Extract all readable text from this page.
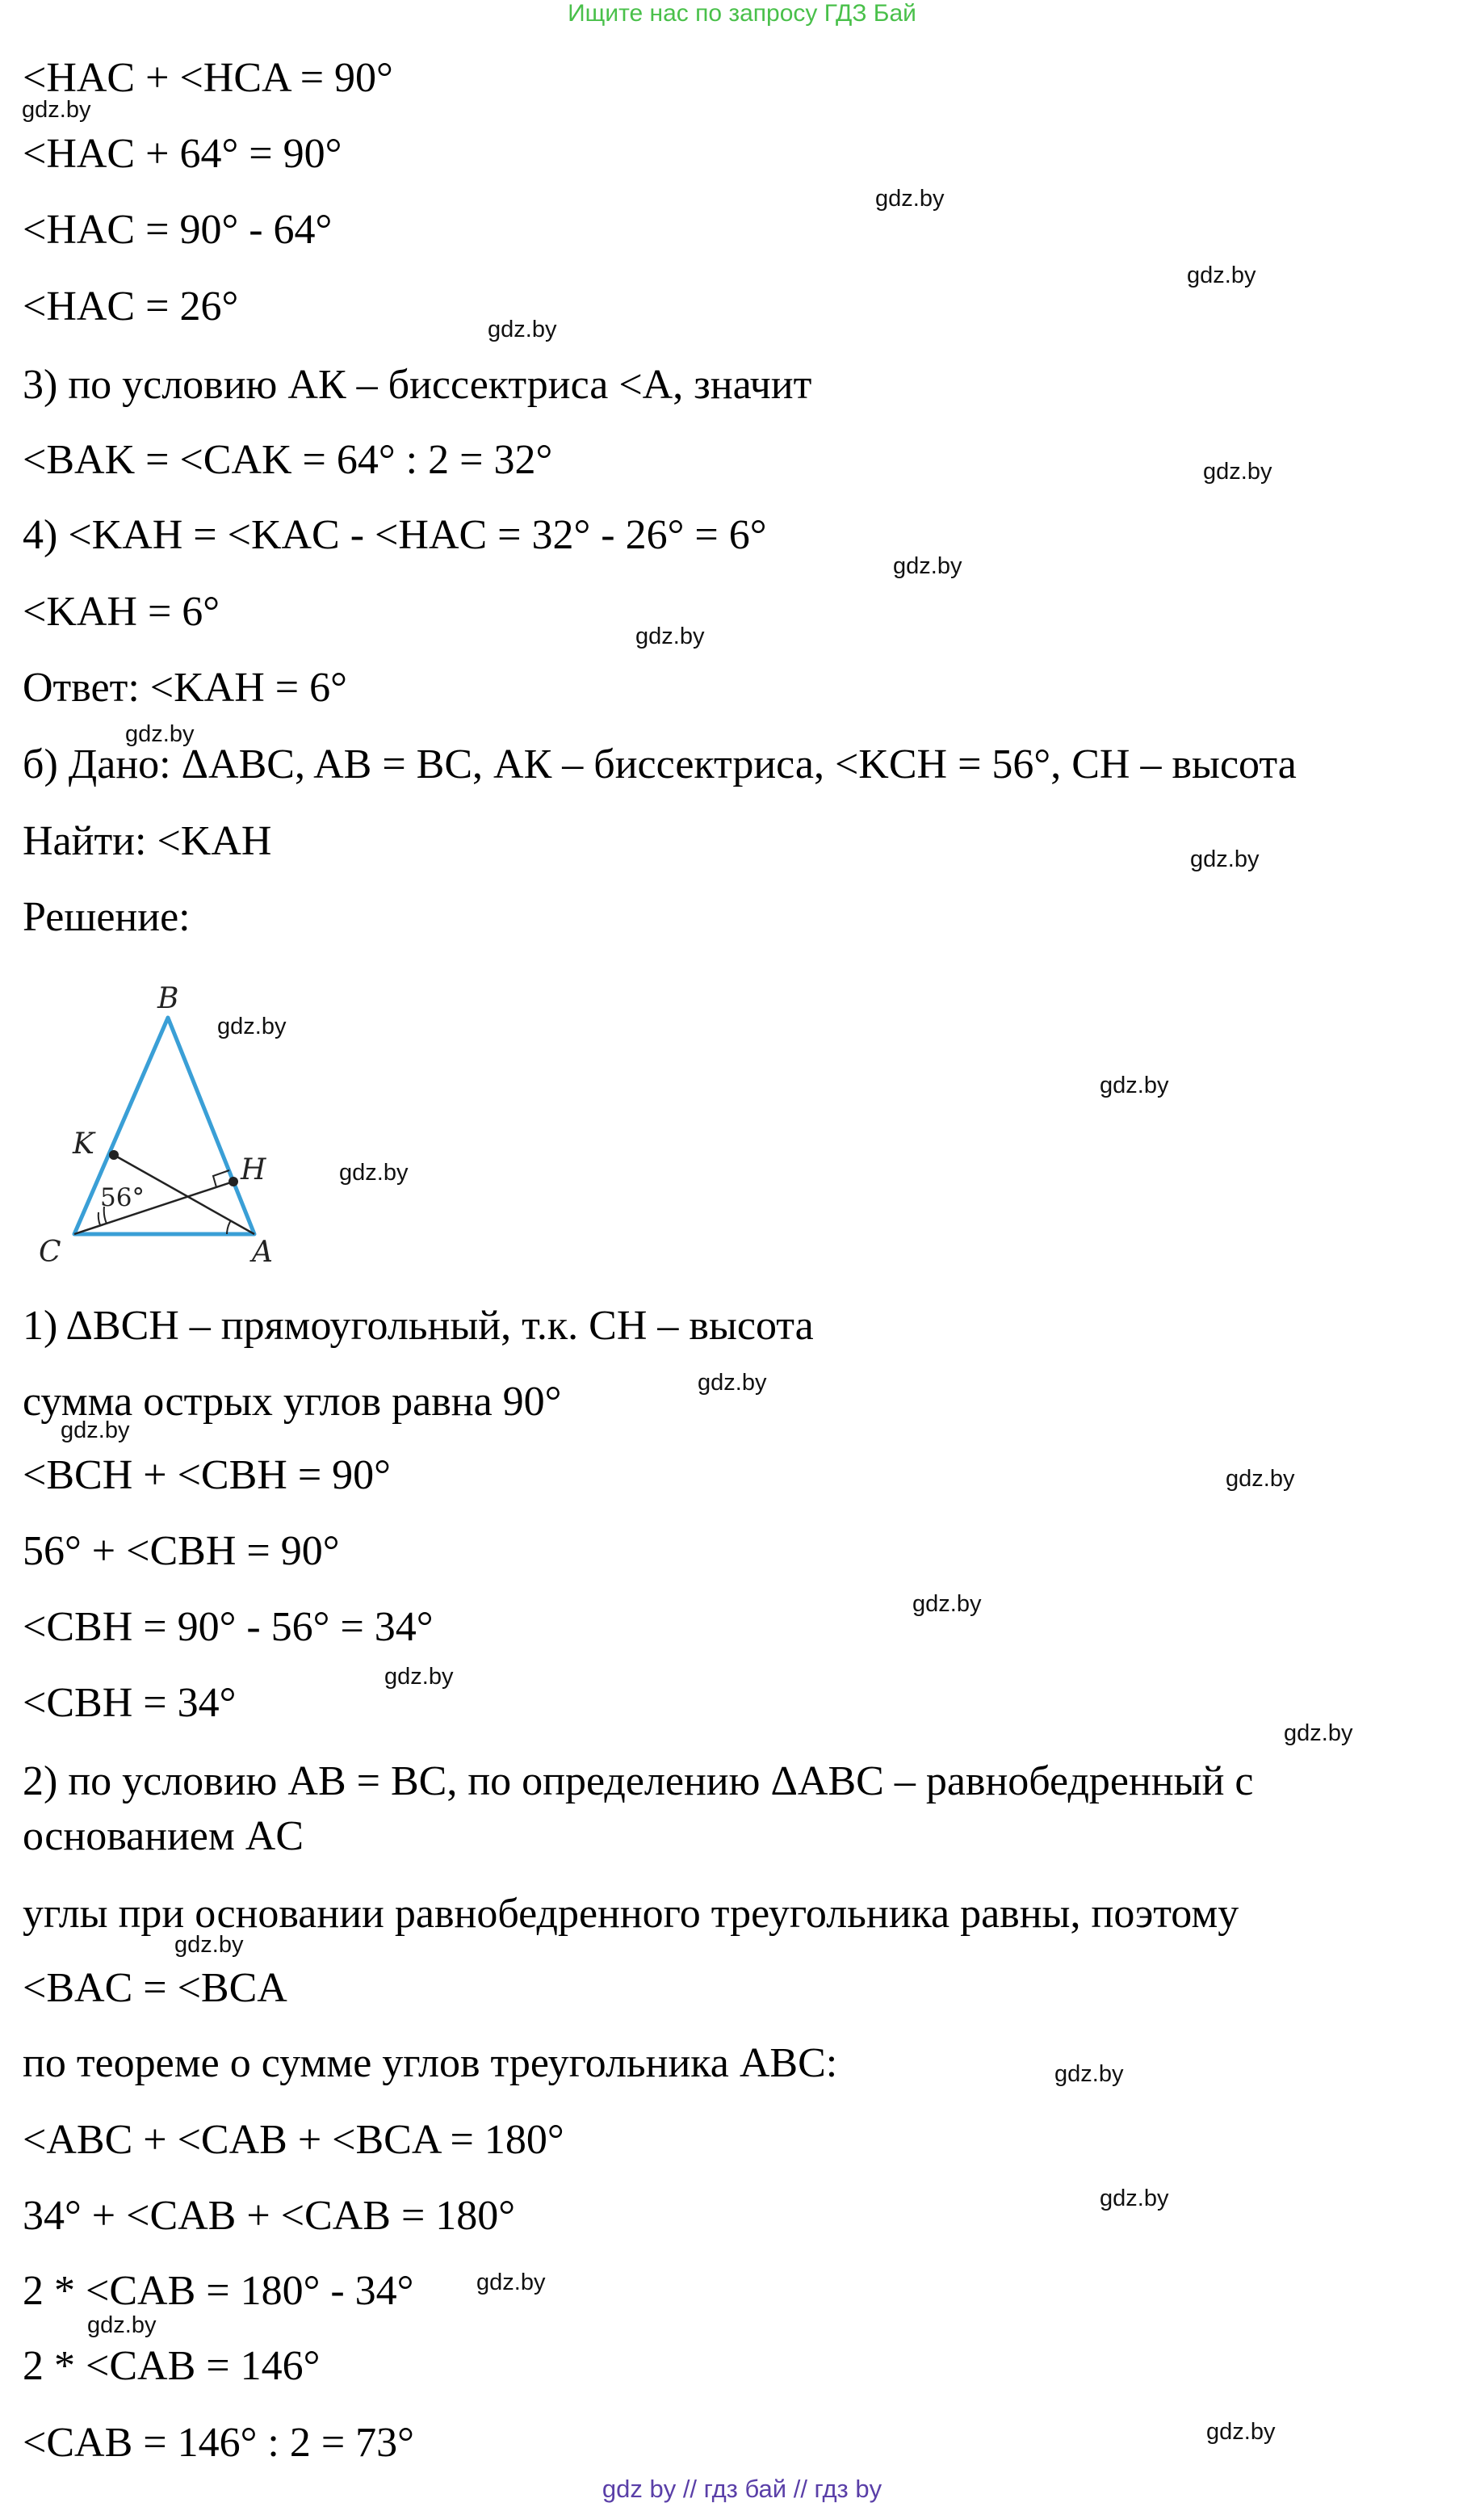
Ищите нас по запросу ГДЗ Бай
<HAC + <HCA = 90°
<HAC + 64° = 90°
<HAC = 90° - 64°
<HAC = 26°
3) по условию АК – биссектриса <А, значит
<BAK = <CAK = 64° : 2 = 32°
4) <KAH = <KAC - <HAC = 32° - 26° = 6°
<KAH = 6°
Ответ: <KAH = 6°
б) Дано: ΔABC, AB = BC, АК – биссектриса, <KCH = 56°, CH – высота
Найти: <KAH
Решение:
B
K
H
C	A
56°
1) ΔBCH – прямоугольный, т.к. CH – высота
сумма острых углов равна 90°
<BCH + <CBH = 90°
56° + <CBH = 90°
<CBH = 90° - 56° = 34°
<CBH = 34°
2) по условию AB = BC, по определению ΔABC – равнобедренный с
основанием AC
углы при основании равнобедренного треугольника равны, поэтому
<BAC = <BCA
по теореме о сумме углов треугольника ABC:
<ABC + <CAB + <BCA = 180°
34° + <CAB + <CAB = 180°
2 * <CAB = 180° - 34°
2 * <CAB = 146°
<CAB = 146° : 2 = 73°
gdz.by
gdz.by
gdz.by
gdz.by
gdz.by
gdz.by
gdz.by
gdz.by
gdz.by
gdz.by
gdz.by
gdz.by
gdz.by
gdz.by
gdz.by
gdz.by
gdz.by
gdz.by
gdz.by
gdz.by
gdz.by
gdz.by
gdz.by
gdz.by
gdz by // гдз бай // гдз by
